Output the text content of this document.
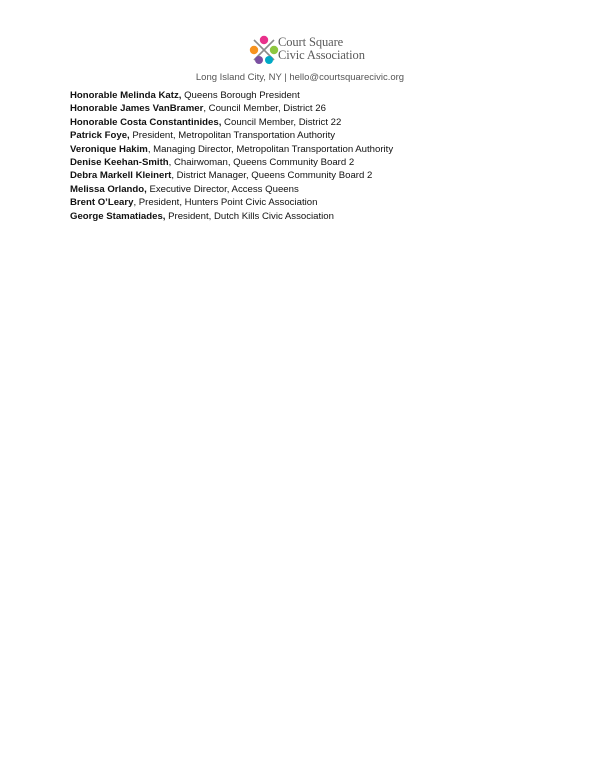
Court Square
Civic Association
Long Island City, NY | hello@courtsquarecivic.org
Honorable Melinda Katz, Queens Borough President
Honorable James VanBramer, Council Member, District 26
Honorable Costa Constantinides, Council Member, District 22
Patrick Foye, President, Metropolitan Transportation Authority
Veronique Hakim, Managing Director, Metropolitan Transportation Authority
Denise Keehan-Smith, Chairwoman, Queens Community Board 2
Debra Markell Kleinert, District Manager, Queens Community Board 2
Melissa Orlando, Executive Director, Access Queens
Brent O’Leary, President, Hunters Point Civic Association
George Stamatiades, President, Dutch Kills Civic Association
